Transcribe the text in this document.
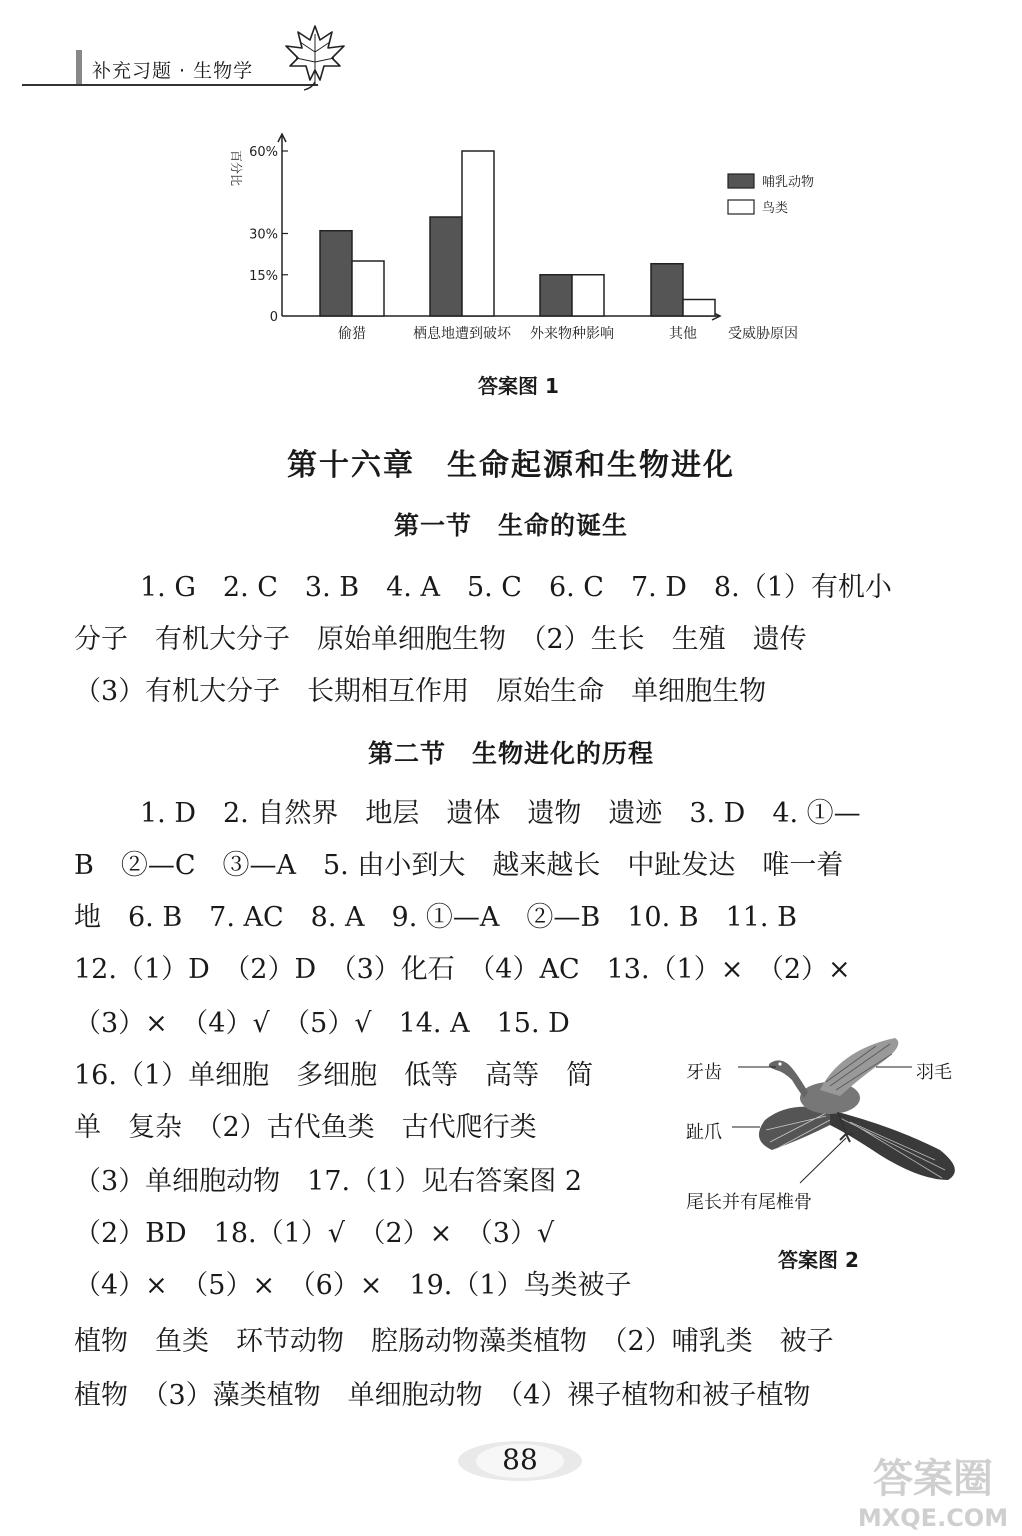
补充习题 · 生物学
百分比
受威胁原因
0
15%
30%
60%
偷猎	栖息地遭到破坏 外来物种影响	其他
哺乳动物
鸟类
答案图 1
第十六章　生命起源和生物进化
第一节　生命的诞生
1. G　2. C　3. B　4. A　5. C　6. C　7. D　8.（1）有机小
分子　有机大分子　原始单细胞生物　（2）生长　生殖　遗传
（3）有机大分子　长期相互作用　原始生命　单细胞生物
第二节　生物进化的历程
1. D　2. 自然界　地层　遗体　遗物　遗迹　3. D　4. ①—
B　②—C　③—A　5. 由小到大　越来越长　中趾发达　唯一着
地　6. B　7. AC　8. A　9. ①—A　②—B　10. B　11. B
12.（1）D　（2）D　（3）化石　（4）AC　13.（1）×　（2）×
（3）×　（4）√　（5）√　14. A　15. D
16.（1）单细胞　多细胞　低等　高等　简
单　复杂　（2）古代鱼类　古代爬行类
（3）单细胞动物　17.（1）见右答案图 2
（2）BD　18.（1）√　（2）×　（3）√
（4）×　（5）×　（6）×　19.（1）鸟类被子
植物　鱼类　环节动物　腔肠动物藻类植物　（2）哺乳类　被子
植物　（3）藻类植物　单细胞动物　（4）裸子植物和被子植物
牙齿	羽毛
趾爪
尾长并有尾椎骨
答案图 2
88	答案圈
MXQE.COM
